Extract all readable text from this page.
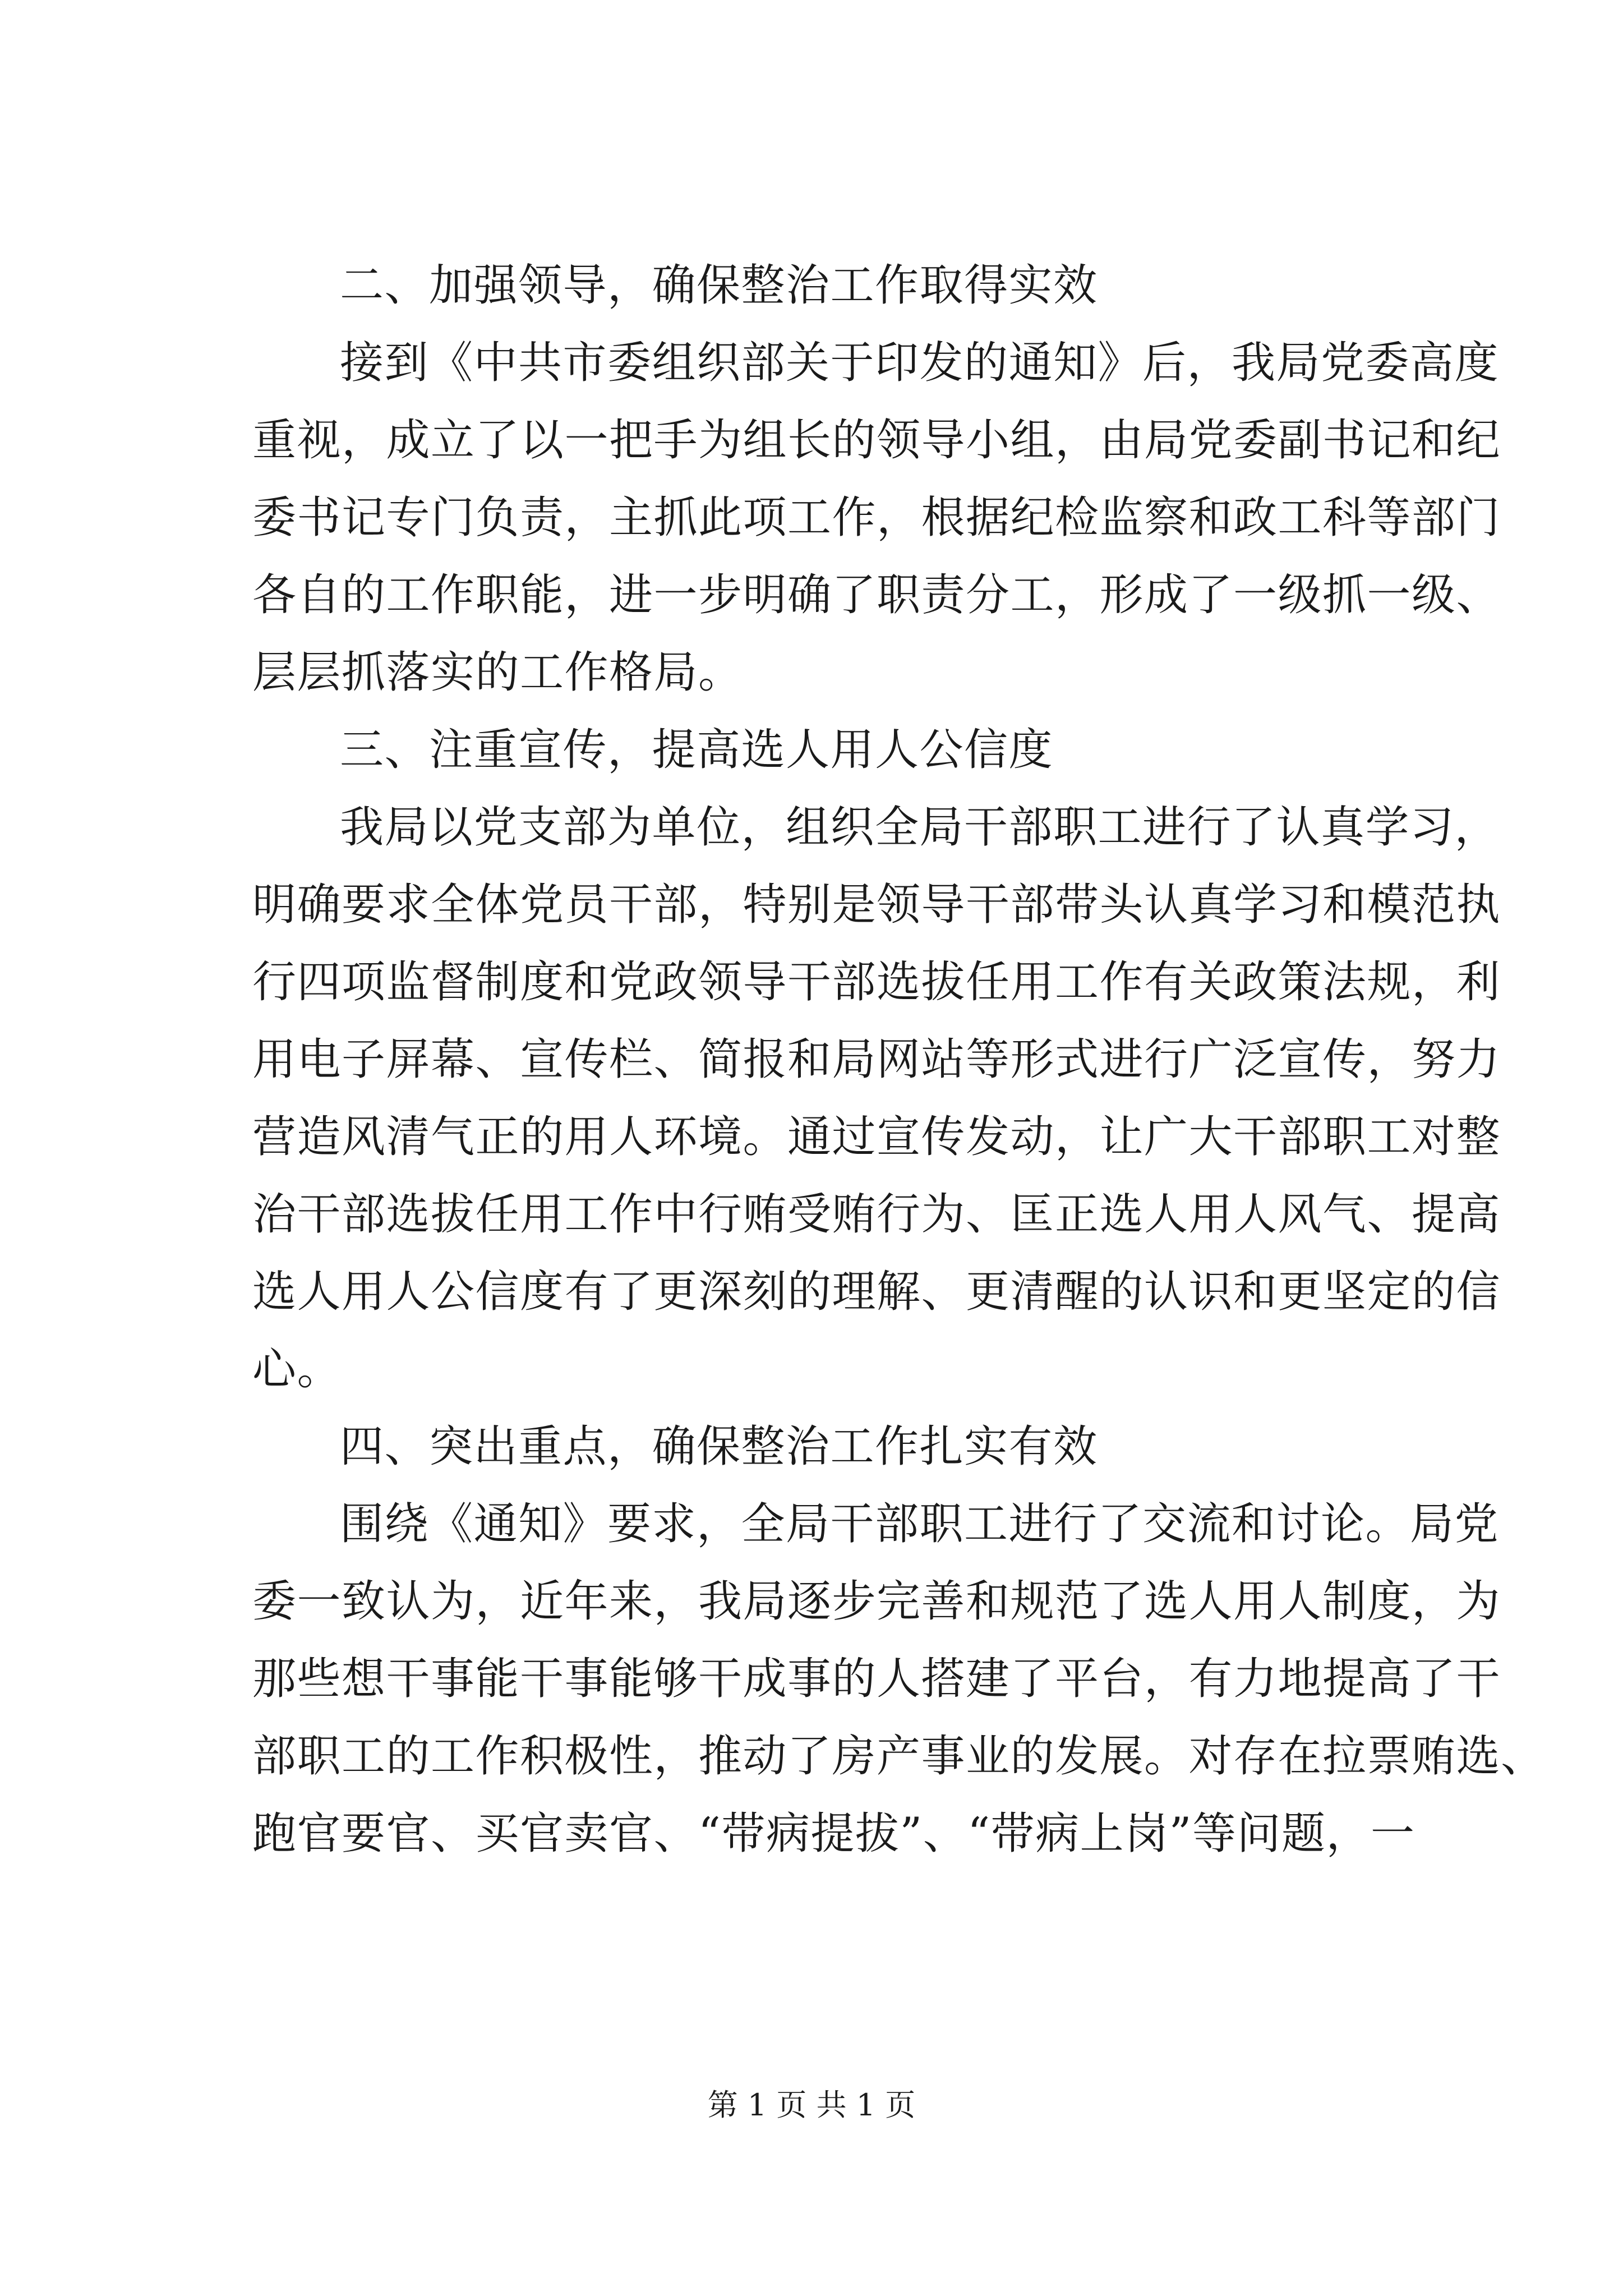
二、加强领导，确保整治工作取得实效
接到《中共市委组织部关于印发的通知》后，我局党委高度
重视，成立了以一把手为组长的领导小组，由局党委副书记和纪
委书记专门负责，主抓此项工作，根据纪检监察和政工科等部门
各自的工作职能，进一步明确了职责分工，形成了一级抓一级、
层层抓落实的工作格局。
三、注重宣传，提高选人用人公信度
我局以党支部为单位，组织全局干部职工进行了认真学习，
明确要求全体党员干部，特别是领导干部带头认真学习和模范执
行四项监督制度和党政领导干部选拔任用工作有关政策法规，利
用电子屏幕、宣传栏、简报和局网站等形式进行广泛宣传，努力
营造风清气正的用人环境。通过宣传发动，让广大干部职工对整
治干部选拔任用工作中行贿受贿行为、匡正选人用人风气、提高
选人用人公信度有了更深刻的理解、更清醒的认识和更坚定的信
心。
四、突出重点，确保整治工作扎实有效
围绕《通知》要求，全局干部职工进行了交流和讨论。局党
委一致认为，近年来，我局逐步完善和规范了选人用人制度，为
那些想干事能干事能够干成事的人搭建了平台，有力地提高了干
部职工的工作积极性，推动了房产事业的发展。对存在拉票贿选、
跑官要官、买官卖官、“带病提拔”、“带病上岗”等问题，一
第 1 页 共 1 页
